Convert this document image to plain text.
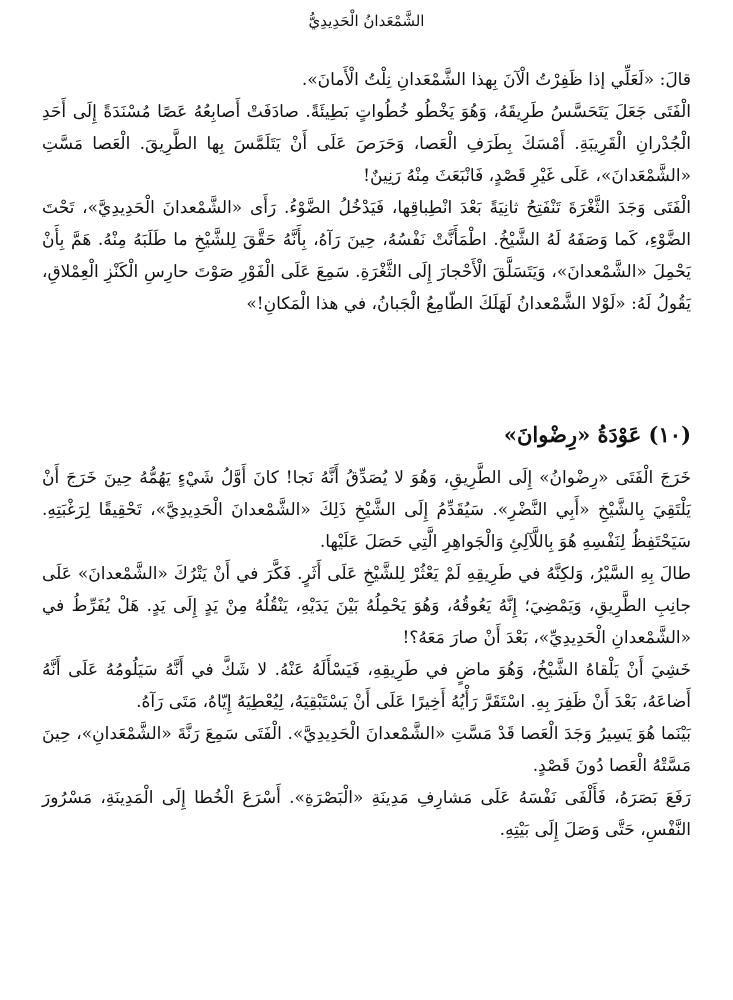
الشَّمْعَدانُ الْحَدِيدِيُّ

قالَ: «لَعَلِّي إذا ظَفِرْتُ الْآنَ بِهذا الشَّمْعَدانِ نِلْتُ الْأَمانَ».

الْفَتَى جَعَلَ يَتَحَسَّسُ طَرِيقَهُ، وَهُوَ يَخْطُو خُطُواتٍ بَطِيئَةً. صادَفَتْ أَصابِعُهُ عَصًا مُسْنَدَةً إِلَى أَحَدِ الْجُدْرانِ الْقَرِيبَةِ. أَمْسَكَ بِطَرَفِ الْعَصا، وَحَرَصَ عَلَى أَنْ يَتَلَمَّسَ بِها الطَّرِيقَ. الْعَصا مَسَّتِ «الشَّمْعَدانَ»، عَلَى غَيْرِ قَصْدٍ، فَانْبَعَثَ مِنْهُ رَنِينٌ!

الْفَتَى وَجَدَ الثَّغْرَةَ تَنْفَتِحُ ثانِيَةً بَعْدَ انْطِباقِها، فَيَدْخُلُ الضَّوْءُ. رَأَى «الشَّمْعدانَ الْحَدِيدِيَّ»، تَحْتَ الضَّوْءِ، كَما وَصَفَهُ لَهُ الشَّيْخُ. اطْمَأَنَّتْ نَفْسُهُ، حِينَ رَآهُ، بِأَنَّهُ حَقَّقَ لِلشَّيْخِ ما طَلَبَهُ مِنْهُ. هَمَّ بِأَنْ يَحْمِلَ «الشَّمْعدانَ»، وَيَتَسَلَّقَ الْأَحْجارَ إِلَى الثَّغْرَةِ. سَمِعَ عَلَى الْفَوْرِ صَوْتَ حارِسِ الْكَنْزِ الْعِمْلاقِ، يَقُولُ لَهُ: «لَوْلا الشَّمْعدانُ لَهَلَكَ الطّامِعُ الْجَبانُ، في هذا الْمَكانِ!»

(١٠) عَوْدَةُ «رِضْوانَ»

خَرَجَ الْفَتَى «رِضْوانُ» إِلَى الطَّرِيقِ، وَهُوَ لا يُصَدِّقُ أَنَّهُ نَجا! كانَ أَوَّلُ شَيْءٍ يَهُمُّهُ حِينَ خَرَجَ أَنْ يَلْتَقِيَ بِالشَّيْخِ «أَبِي النَّضْرِ». سَيُقَدِّمُ إِلَى الشَّيْخِ ذَلِكَ «الشَّمْعدانَ الْحَدِيدِيَّ»، تَحْقِيقًا لِرَغْبَتِهِ. سَيَحْتَفِظُ لِنَفْسِهِ هُوَ بِاللَّآلِئِ وَالْجَواهِرِ الَّتِي حَصَلَ عَلَيْها.

طالَ بِهِ السَّيْرُ، وَلكِنَّهُ في طَرِيقِهِ لَمْ يَعْثُرْ لِلشَّيْخِ عَلَى أَثَرٍ. فَكَّرَ في أَنْ يَتْرُكَ «الشَّمْعدانَ» عَلَى جانِبِ الطَّرِيقِ، وَيَمْضِيَ؛ إِنَّهُ يَعُوقُهُ، وَهُوَ يَحْمِلُهُ بَيْنَ يَدَيْهِ، يَنْقُلُهُ مِنْ يَدٍ إِلَى يَدٍ. هَلْ يُفَرِّطُ في «الشَّمْعدانِ الْحَدِيدِيِّ»، بَعْدَ أَنْ صارَ مَعَهُ؟!

خَشِيَ أَنْ يَلْقاهُ الشَّيْخُ، وَهُوَ ماضٍ في طَرِيقِهِ، فَيَسْأَلَهُ عَنْهُ. لا شَكَّ في أَنَّهُ سَيَلُومُهُ عَلَى أَنَّهُ أَضاعَهُ، بَعْدَ أَنْ ظَفِرَ بِهِ. اسْتَقَرَّ رَأْيُهُ أَخِيرًا عَلَى أَنْ يَسْتَبْقِيَهُ، لِيُعْطِيَهُ إِيّاهُ، مَتَى رَآهُ.

بَيْنَما هُوَ يَسِيرُ وَجَدَ الْعَصا قَدْ مَسَّتِ «الشَّمْعدانَ الْحَدِيدِيَّ». الْفَتَى سَمِعَ رَنَّةَ «الشَّمْعَدانِ»، حِينَ مَسَّتْهُ الْعَصا دُونَ قَصْدٍ.

رَفَعَ بَصَرَهُ، فَأَلْفَى نَفْسَهُ عَلَى مَشارِفِ مَدِينَةِ «الْبَصْرَةِ». أَسْرَعَ الْخُطا إِلَى الْمَدِينَةِ، مَسْرُورَ النَّفْسِ، حَتَّى وَصَلَ إِلَى بَيْتِهِ.
